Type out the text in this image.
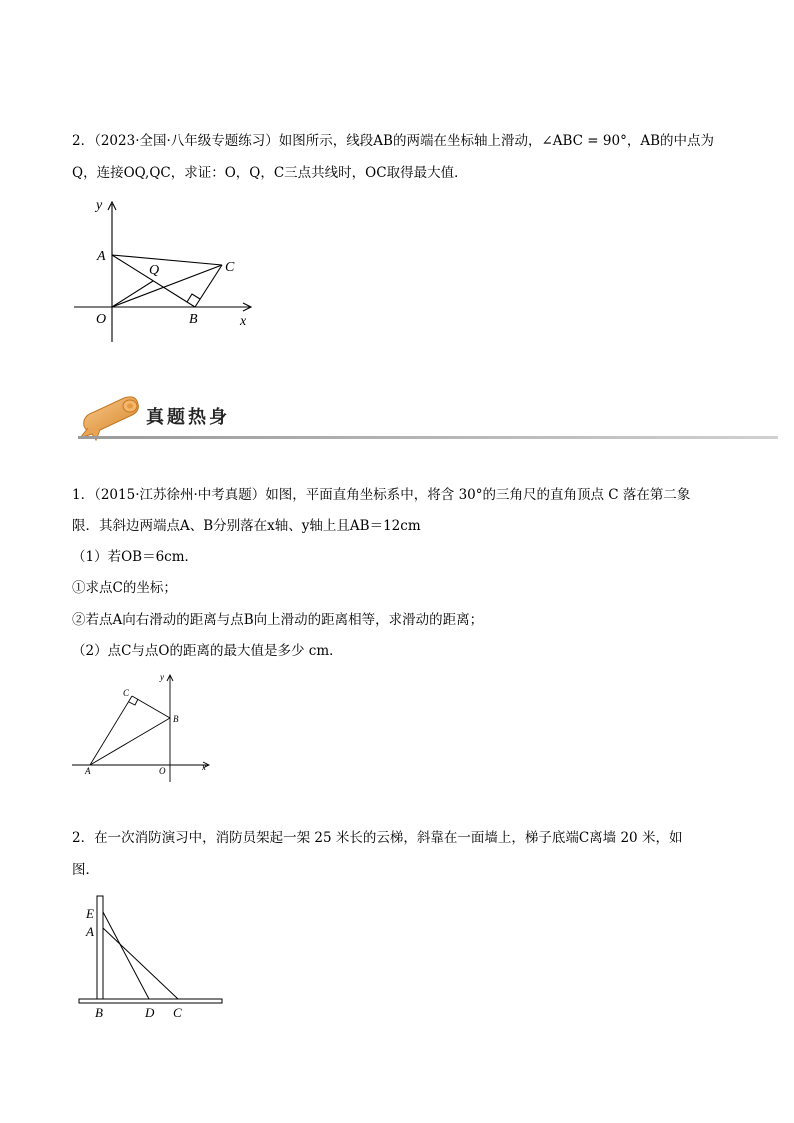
2．（2023·全国·八年级专题练习）如图所示，线段AB的两端在坐标轴上滑动，∠ABC = 90°，AB的中点为
Q，连接OQ,QC，求证：O，Q，C三点共线时，OC取得最大值．
y
x
A
Q	C
O	B
真题热身
1．（2015·江苏徐州·中考真题）如图，平面直角坐标系中，将含 30°的三角尺的直角顶点 C 落在第二象
限．其斜边两端点A、B分别落在x轴、y轴上且AB＝12cm
（1）若OB＝6cm．
①求点C的坐标；
②若点A向右滑动的距离与点B向上滑动的距离相等，求滑动的距离；
（2）点C与点O的距离的最大值是多少 cm．
y
x
C
B
A	O
2．在一次消防演习中，消防员架起一架 25 米长的云梯，斜靠在一面墙上，梯子底端C离墙 20 米，如
图．
E
A
B	D C
